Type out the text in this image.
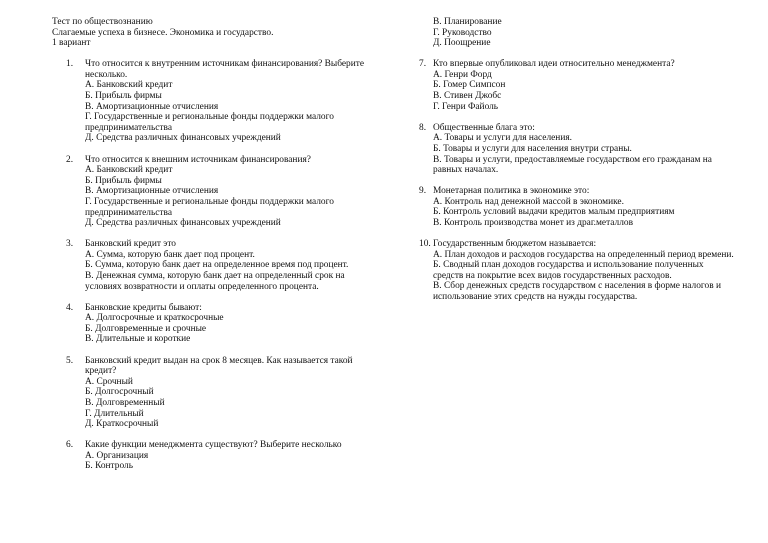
Тест по обществознанию
Слагаемые успеха в бизнесе. Экономика и государство.
1 вариант
1. Что относится к внутренним источникам финансирования? Выберите несколько.
А. Банковский кредит
Б. Прибыль фирмы
В. Амортизационные отчисления
Г. Государственные и региональные фонды поддержки малого предпринимательства
Д. Средства различных финансовых учреждений
2. Что относится к внешним источникам финансирования?
А. Банковский кредит
Б. Прибыль фирмы
В. Амортизационные отчисления
Г. Государственные и региональные фонды поддержки малого предпринимательства
Д. Средства различных финансовых учреждений
3. Банковский кредит это
А. Сумма, которую банк дает под процент.
Б. Сумма, которую банк дает на определенное время под процент.
В. Денежная сумма, которую банк дает на определенный срок на условиях возвратности и оплаты определенного процента.
4. Банковские кредиты бывают:
А. Долгосрочные и краткосрочные
Б. Долговременные и срочные
В. Длительные и короткие
5. Банковский кредит выдан на срок 8 месяцев. Как называется такой кредит?
А. Срочный
Б. Долгосрочный
В. Долговременный
Г. Длительный
Д. Краткосрочный
6. Какие функции менеджмента существуют? Выберите несколько
А. Организация
Б. Контроль
В. Планирование
Г. Руководство
Д. Поощрение
7. Кто впервые опубликовал идеи относительно менеджмента?
А. Генри Форд
Б. Гомер Симпсон
В. Стивен Джобс
Г. Генри Файоль
8. Общественные блага это:
А. Товары и услуги для населения.
Б. Товары и услуги для населения внутри страны.
В. Товары и услуги, предоставляемые государством его гражданам на равных началах.
9. Монетарная политика в экономике это:
А. Контроль над денежной массой в экономике.
Б. Контроль условий выдачи кредитов малым предприятиям
В. Контроль производства монет из драг.металлов
10. Государственным бюджетом называется:
А. План доходов и расходов государства на определенный период времени.
Б. Сводный план доходов государства и использование полученных средств на покрытие всех видов государственных расходов.
В. Сбор денежных средств государством с населения в форме налогов и использование этих средств на нужды государства.
